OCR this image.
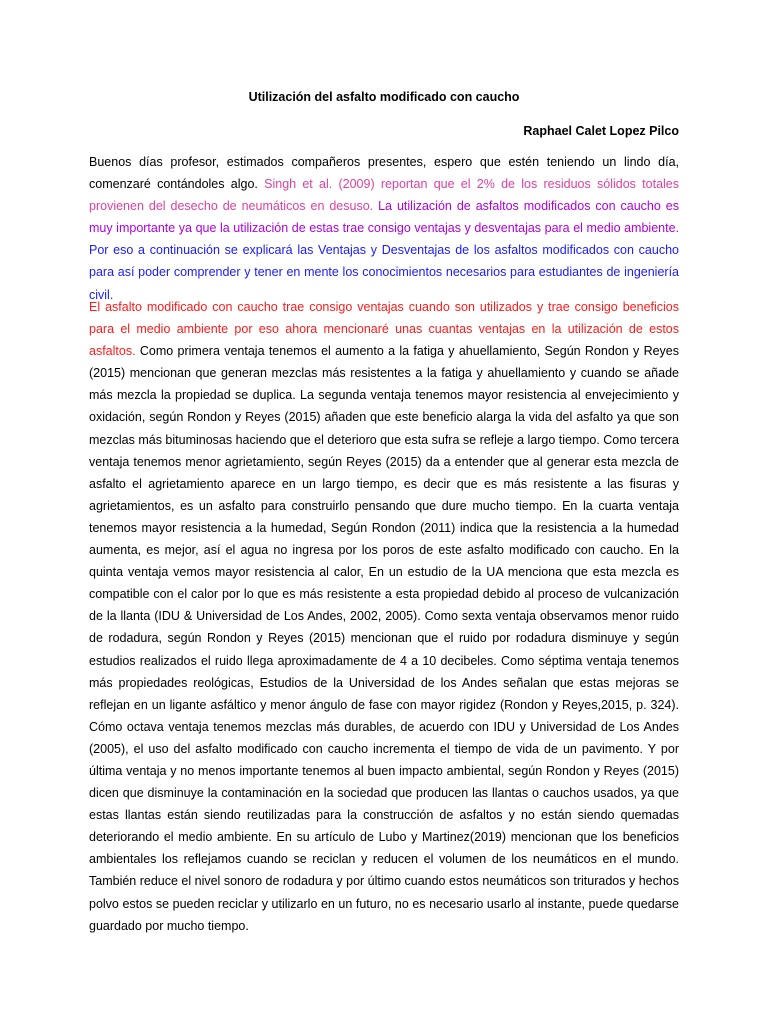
Utilización del asfalto modificado con caucho
Raphael Calet Lopez Pilco

Buenos días profesor, estimados compañeros presentes, espero que estén teniendo un lindo día, comenzaré contándoles algo. Singh et al. (2009) reportan que el 2% de los residuos sólidos totales provienen del desecho de neumáticos en desuso. La utilización de asfaltos modificados con caucho es muy importante ya que la utilización de estas trae consigo ventajas y desventajas para el medio ambiente. Por eso a continuación se explicará las Ventajas y Desventajas de los asfaltos modificados con caucho para así poder comprender y tener en mente los conocimientos necesarios para estudiantes de ingeniería civil.

El asfalto modificado con caucho trae consigo ventajas cuando son utilizados y trae consigo beneficios para el medio ambiente por eso ahora mencionaré unas cuantas ventajas en la utilización de estos asfaltos. Como primera ventaja tenemos el aumento a la fatiga y ahuellamiento, Según Rondon y Reyes (2015) mencionan que generan mezclas más resistentes a la fatiga y ahuellamiento y cuando se añade más mezcla la propiedad se duplica. La segunda ventaja tenemos mayor resistencia al envejecimiento y oxidación, según Rondon y Reyes (2015) añaden que este beneficio alarga la vida del asfalto ya que son mezclas más bituminosas haciendo que el deterioro que esta sufra se refleje a largo tiempo. Como tercera ventaja tenemos menor agrietamiento, según Reyes (2015) da a entender que al generar esta mezcla de asfalto el agrietamiento aparece en un largo tiempo, es decir que es más resistente a las fisuras y agrietamientos, es un asfalto para construirlo pensando que dure mucho tiempo. En la cuarta ventaja tenemos mayor resistencia a la humedad, Según Rondon (2011) indica que la resistencia a la humedad aumenta, es mejor, así el agua no ingresa por los poros de este asfalto modificado con caucho. En la quinta ventaja vemos mayor resistencia al calor, En un estudio de la UA menciona que esta mezcla es compatible con el calor por lo que es más resistente a esta propiedad debido al proceso de vulcanización de la llanta (IDU & Universidad de Los Andes, 2002, 2005). Como sexta ventaja observamos menor ruido de rodadura, según Rondon y Reyes (2015) mencionan que el ruido por rodadura disminuye y según estudios realizados el ruido llega aproximadamente de 4 a 10 decibeles. Como séptima ventaja tenemos más propiedades reológicas, Estudios de la Universidad de los Andes señalan que estas mejoras se reflejan en un ligante asfáltico y menor ángulo de fase con mayor rigidez (Rondon y Reyes,2015, p. 324). Cómo octava ventaja tenemos mezclas más durables, de acuerdo con IDU y Universidad de Los Andes (2005), el uso del asfalto modificado con caucho incrementa el tiempo de vida de un pavimento. Y por última ventaja y no menos importante tenemos al buen impacto ambiental, según Rondon y Reyes (2015) dicen que disminuye la contaminación en la sociedad que producen las llantas o cauchos usados, ya que estas llantas están siendo reutilizadas para la construcción de asfaltos y no están siendo quemadas deteriorando el medio ambiente. En su artículo de Lubo y Martinez(2019) mencionan que los beneficios ambientales los reflejamos cuando se reciclan y reducen el volumen de los neumáticos en el mundo. También reduce el nivel sonoro de rodadura y por último cuando estos neumáticos son triturados y hechos polvo estos se pueden reciclar y utilizarlo en un futuro, no es necesario usarlo al instante, puede quedarse guardado por mucho tiempo.
